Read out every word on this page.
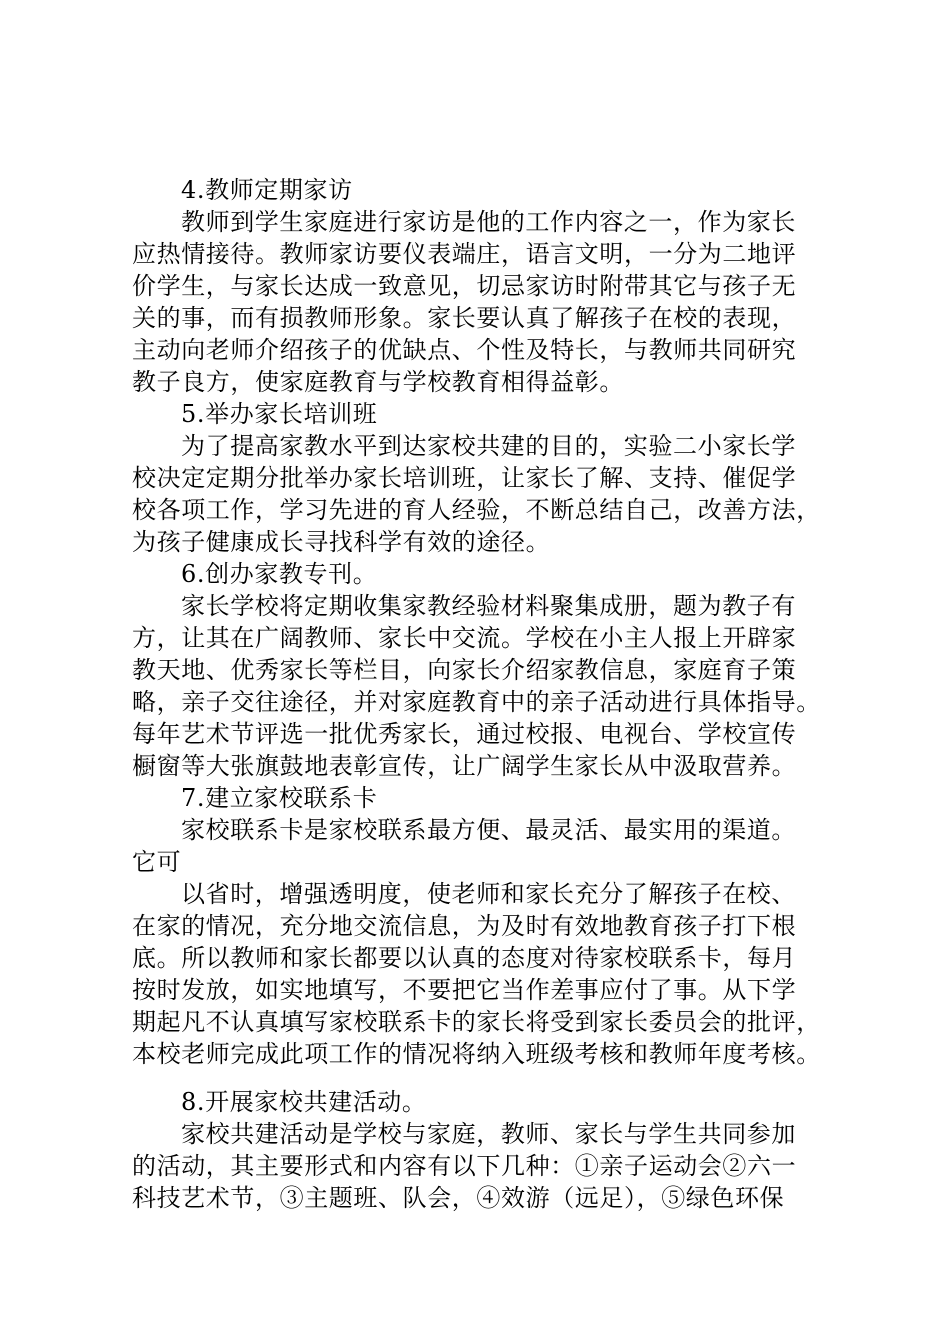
4.教师定期家访
教师到学生家庭进行家访是他的工作内容之一，作为家长
应热情接待。教师家访要仪表端庄，语言文明，一分为二地评
价学生，与家长达成一致意见，切忌家访时附带其它与孩子无
关的事，而有损教师形象。家长要认真了解孩子在校的表现，
主动向老师介绍孩子的优缺点、个性及特长，与教师共同研究
教子良方，使家庭教育与学校教育相得益彰。
5.举办家长培训班
为了提高家教水平到达家校共建的目的，实验二小家长学
校决定定期分批举办家长培训班，让家长了解、支持、催促学
校各项工作，学习先进的育人经验，不断总结自己，改善方法，
为孩子健康成长寻找科学有效的途径。
6.创办家教专刊。
家长学校将定期收集家教经验材料聚集成册，题为教子有
方，让其在广阔教师、家长中交流。学校在小主人报上开辟家
教天地、优秀家长等栏目，向家长介绍家教信息，家庭育子策
略，亲子交往途径，并对家庭教育中的亲子活动进行具体指导。
每年艺术节评选一批优秀家长，通过校报、电视台、学校宣传
橱窗等大张旗鼓地表彰宣传，让广阔学生家长从中汲取营养。
7.建立家校联系卡
家校联系卡是家校联系最方便、最灵活、最实用的渠道。
它可
以省时，增强透明度，使老师和家长充分了解孩子在校、
在家的情况，充分地交流信息，为及时有效地教育孩子打下根
底。所以教师和家长都要以认真的态度对待家校联系卡，每月
按时发放，如实地填写，不要把它当作差事应付了事。从下学
期起凡不认真填写家校联系卡的家长将受到家长委员会的批评，
本校老师完成此项工作的情况将纳入班级考核和教师年度考核。
8.开展家校共建活动。
家校共建活动是学校与家庭，教师、家长与学生共同参加
的活动，其主要形式和内容有以下几种：①亲子运动会②六一
科技艺术节，③主题班、队会，④效游（远足），⑤绿色环保
